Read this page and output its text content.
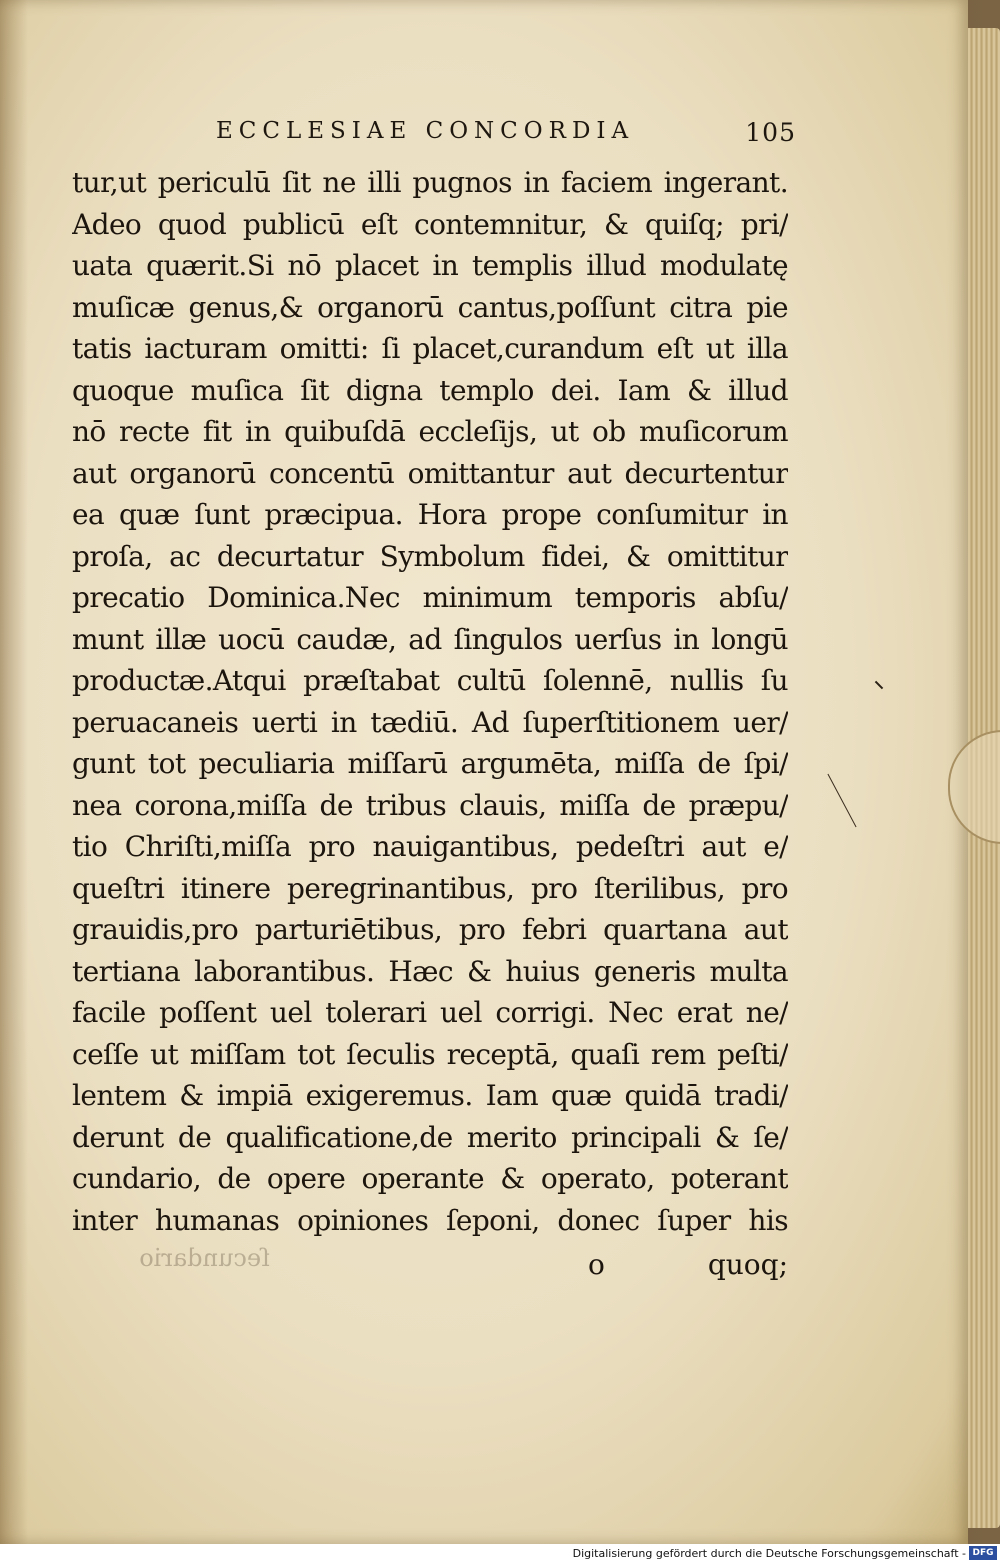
ECCLESIAE CONCORDIA	105
tur,ut periculū ſit ne illi pugnos in faciem ingerant.
Adeo quod publicū eſt contemnitur, & quiſq; pri/
uata quærit.Si nō placet in templis illud modulatę
muſicæ genus,& organorū cantus,poſſunt citra pie
tatis iacturam omitti: ſi placet,curandum eſt ut illa
quoque muſica ſit digna templo dei. Iam & illud
nō recte fit in quibuſdā eccleſijs, ut ob muſicorum
aut organorū concentū omittantur aut decurtentur
ea quæ ſunt præcipua. Hora prope conſumitur in
proſa, ac decurtatur Symbolum fidei, & omittitur
precatio Dominica.Nec minimum temporis abſu/
munt illæ uocū caudæ, ad ſingulos uerſus in longū
productæ.Atqui præſtabat cultū ſolennē, nullis ſu
peruacaneis uerti in tædiū. Ad ſuperſtitionem uer/
gunt tot peculiaria miſſarū argumēta, miſſa de ſpi/
nea corona,miſſa de tribus clauis, miſſa de præpu/
tio Chriſti,miſſa pro nauigantibus, pedeſtri aut e/
queſtri itinere peregrinantibus, pro ſterilibus, pro
grauidis,pro parturiētibus, pro febri quartana aut
tertiana laborantibus. Hæc & huius generis multa
facile poſſent uel tolerari uel corrigi. Nec erat ne/
ceſſe ut miſſam tot ſeculis receptā, quaſi rem peſti/
lentem & impiā exigeremus. Iam quæ quidā tradi/
derunt de qualificatione,de merito principali & ſe/
cundario, de opere operante & operato, poterant
inter humanas opiniones ſeponi, donec ſuper his
ſecundario	o	quoq;
Digitalisierung gefördert durch die Deutsche Forschungsgemeinschaft - DFG
